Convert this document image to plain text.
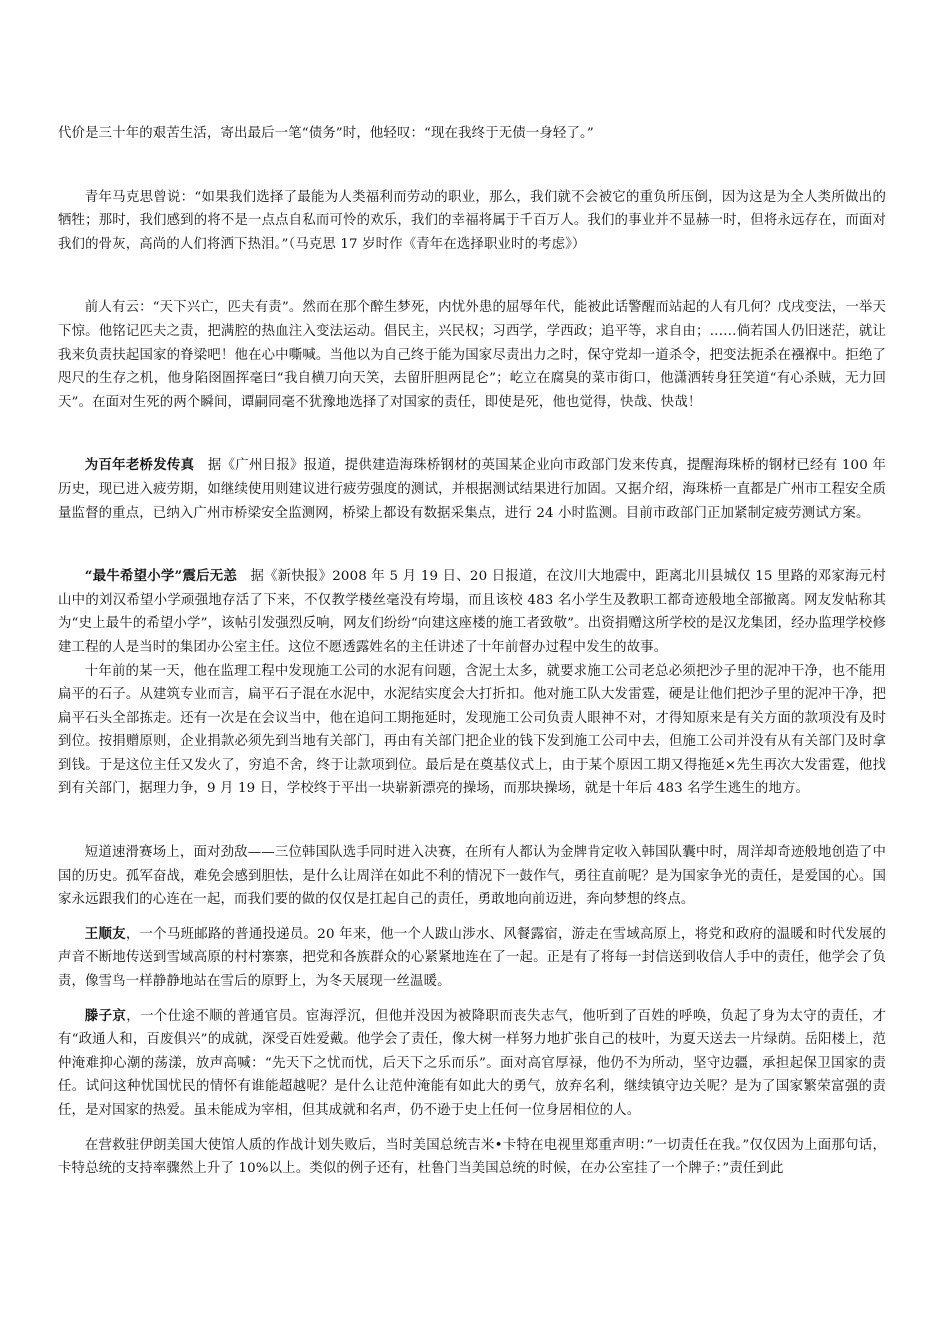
代价是三十年的艰苦生活，寄出最后一笔“债务”时，他轻叹：“现在我终于无债一身轻了。”

青年马克思曾说：“如果我们选择了最能为人类福利而劳动的职业，那么，我们就不会被它的重负所压倒，因为这是为全人类所做出的牺牲；那时，我们感到的将不是一点点自私而可怜的欢乐，我们的幸福将属于千百万人。我们的事业并不显赫一时，但将永远存在，而面对我们的骨灰，高尚的人们将洒下热泪。”（马克思 17 岁时作《青年在选择职业时的考虑》）

前人有云：“天下兴亡，匹夫有责”。然而在那个醉生梦死，内忧外患的屈辱年代，能被此话警醒而站起的人有几何？戊戌变法，一举天下惊。他铭记匹夫之责，把满腔的热血注入变法运动。倡民主，兴民权；习西学，学西政；追平等，求自由；……倘若国人仍旧迷茫，就让我来负责扶起国家的脊梁吧！他在心中嘶喊。当他以为自己终于能为国家尽责出力之时，保守党却一道杀令，把变法扼杀在襁褓中。拒绝了咫尺的生存之机，他身陷囹圄挥毫曰“我自横刀向天笑，去留肝胆两昆仑”；屹立在腐臭的菜市街口，他潇洒转身狂笑道“有心杀贼，无力回天”。在面对生死的两个瞬间，谭嗣同毫不犹豫地选择了对国家的责任，即使是死，他也觉得，快哉、快哉！

为百年老桥发传真 据《广州日报》报道，提供建造海珠桥钢材的英国某企业向市政部门发来传真，提醒海珠桥的钢材已经有 100 年历史，现已进入疲劳期，如继续使用则建议进行疲劳强度的测试，并根据测试结果进行加固。又据介绍，海珠桥一直都是广州市工程安全质量监督的重点，已纳入广州市桥梁安全监测网，桥梁上都设有数据采集点，进行 24 小时监测。目前市政部门正加紧制定疲劳测试方案。

“最牛希望小学”震后无恙 据《新快报》2008 年 5 月 19 日、20 日报道，在汶川大地震中，距离北川县城仅 15 里路的邓家海元村山中的刘汉希望小学顽强地存活了下来，不仅教学楼丝毫没有垮塌，而且该校 483 名小学生及教职工都奇迹般地全部撤离。网友发帖称其为“史上最牛的希望小学”，该帖引发强烈反响，网友们纷纷“向建这座楼的施工者致敬”。出资捐赠这所学校的是汉龙集团，经办监理学校修建工程的人是当时的集团办公室主任。这位不愿透露姓名的主任讲述了十年前督办过程中发生的故事。

十年前的某一天，他在监理工程中发现施工公司的水泥有问题，含泥土太多，就要求施工公司老总必须把沙子里的泥冲干净，也不能用扁平的石子。从建筑专业而言，扁平石子混在水泥中，水泥结实度会大打折扣。他对施工队大发雷霆，硬是让他们把沙子里的泥冲干净，把扁平石头全部拣走。还有一次是在会议当中，他在追问工期拖延时，发现施工公司负责人眼神不对，才得知原来是有关方面的款项没有及时到位。按捐赠原则，企业捐款必须先到当地有关部门，再由有关部门把企业的钱下发到施工公司中去，但施工公司并没有从有关部门及时拿到钱。于是这位主任又发火了，穷追不舍，终于让款项到位。最后是在奠基仪式上，由于某个原因工期又得拖延×先生再次大发雷霆，他找到有关部门，据理力争，9 月 19 日，学校终于平出一块崭新漂亮的操场，而那块操场，就是十年后 483 名学生逃生的地方。

短道速滑赛场上，面对劲敌——三位韩国队选手同时进入决赛，在所有人都认为金牌肯定收入韩国队囊中时，周洋却奇迹般地创造了中国的历史。孤军奋战，难免会感到胆怯，是什么让周洋在如此不利的情况下一鼓作气，勇往直前呢？是为国家争光的责任，是爱国的心。国家永远跟我们的心连在一起，而我们要的做的仅仅是扛起自己的责任，勇敢地向前迈进，奔向梦想的终点。

王顺友，一个马班邮路的普通投递员。20 年来，他一个人跋山涉水、风餐露宿，游走在雪域高原上，将党和政府的温暖和时代发展的声音不断地传送到雪域高原的村村寨寨，把党和各族群众的心紧紧地连在了一起。正是有了将每一封信送到收信人手中的责任，他学会了负责，像雪鸟一样静静地站在雪后的原野上，为冬天展现一丝温暖。

滕子京，一个仕途不顺的普通官员。宦海浮沉，但他并没因为被降职而丧失志气，他听到了百姓的呼唤，负起了身为太守的责任，才有“政通人和，百废俱兴”的成就，深受百姓爱戴。他学会了责任，像大树一样努力地扩张自己的枝叶，为夏天送去一片绿荫。岳阳楼上，范仲淹难抑心潮的荡漾，放声高喊：“先天下之忧而忧，后天下之乐而乐”。面对高官厚禄，他仍不为所动，坚守边疆，承担起保卫国家的责任。试问这种忧国忧民的情怀有谁能超越呢？是什么让范仲淹能有如此大的勇气，放弃名利，继续镇守边关呢？是为了国家繁荣富强的责任，是对国家的热爱。虽未能成为宰相，但其成就和名声，仍不逊于史上任何一位身居相位的人。

在营救驻伊朗美国大使馆人质的作战计划失败后，当时美国总统吉米•卡特在电视里郑重声明：”一切责任在我。”仅仅因为上面那句话，卡特总统的支持率骤然上升了 10%以上。类似的例子还有，杜鲁门当美国总统的时候，在办公室挂了一个牌子：”责任到此
